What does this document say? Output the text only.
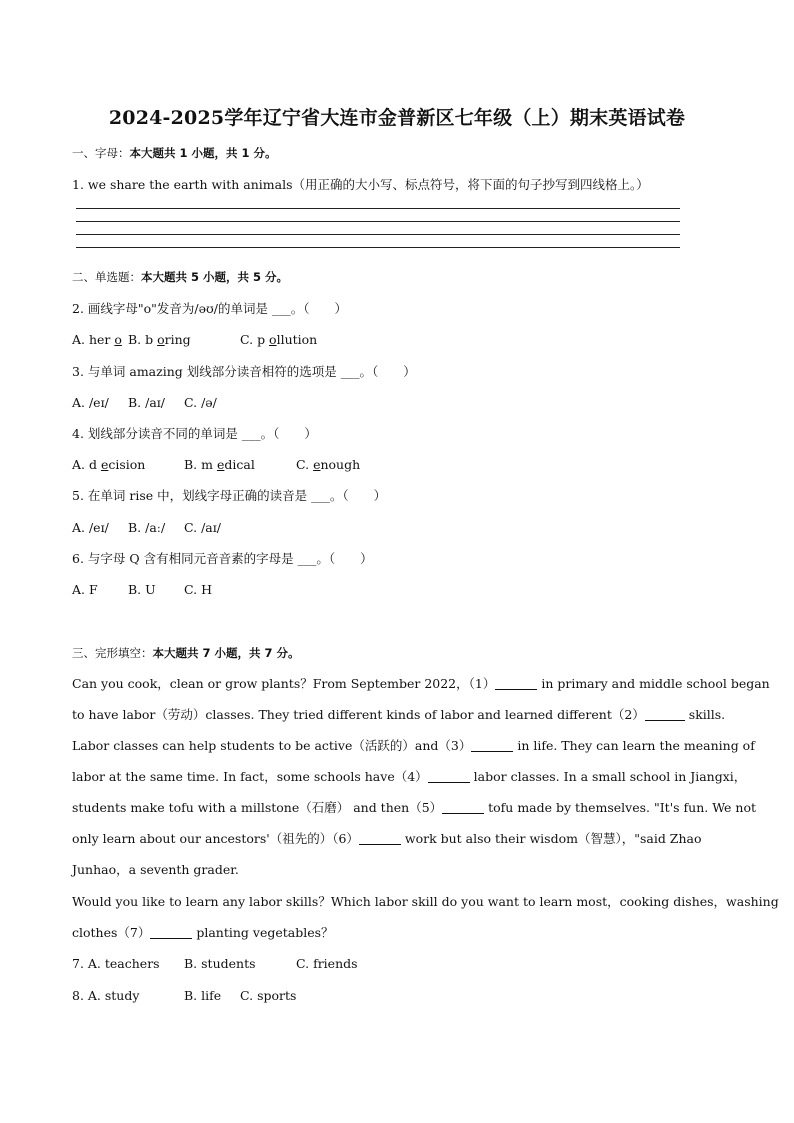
2024-2025学年辽宁省大连市金普新区七年级（上）期末英语试卷
一、字母：本大题共 1 小题，共 1 分。
1. we share the earth with animals（用正确的大小写、标点符号，将下面的句子抄写到四线格上。）
二、单选题：本大题共 5 小题，共 5 分。
2. 画线字母"o"发音为/əʊ/的单词是 ___。（　　）
A. her o B. b oring	C. p ollution
3. 与单词 amazing 划线部分读音相符的选项是 ___。（　　）
A. /eɪ/ B. /aɪ/ C. /ə/
4. 划线部分读音不同的单词是 ___。（　　）
A. d ecision	B. m edical	C. enough
5. 在单词 rise 中，划线字母正确的读音是 ___。（　　）
A. /eɪ/ B. /aː/ C. /aɪ/
6. 与字母 Q 含有相同元音音素的字母是 ___。（　　）
A. F B. U C. H
三、完形填空：本大题共 7 小题，共 7 分。
Can you cook，clean or grow plants？From September 2022，（1）	in primary and middle school began
to have labor（劳动）classes. They tried different kinds of labor and learned different（2）	skills.
Labor classes can help students to be active（活跃的）and（3）	in life. They can learn the meaning of
labor at the same time. In fact，some schools have（4）	labor classes. In a small school in Jiangxi，
students make tofu with a millstone（石磨） and then（5）	tofu made by themselves. "It's fun. We not
only learn about our ancestors'（祖先的）（6）	work but also their wisdom（智慧），"said Zhao
Junhao，a seventh grader.
Would you like to learn any labor skills？Which labor skill do you want to learn most，cooking dishes，washing
clothes（7）	planting vegetables？
7. A. teachers B. students	C. friends
8. A. study	B. life C. sports
